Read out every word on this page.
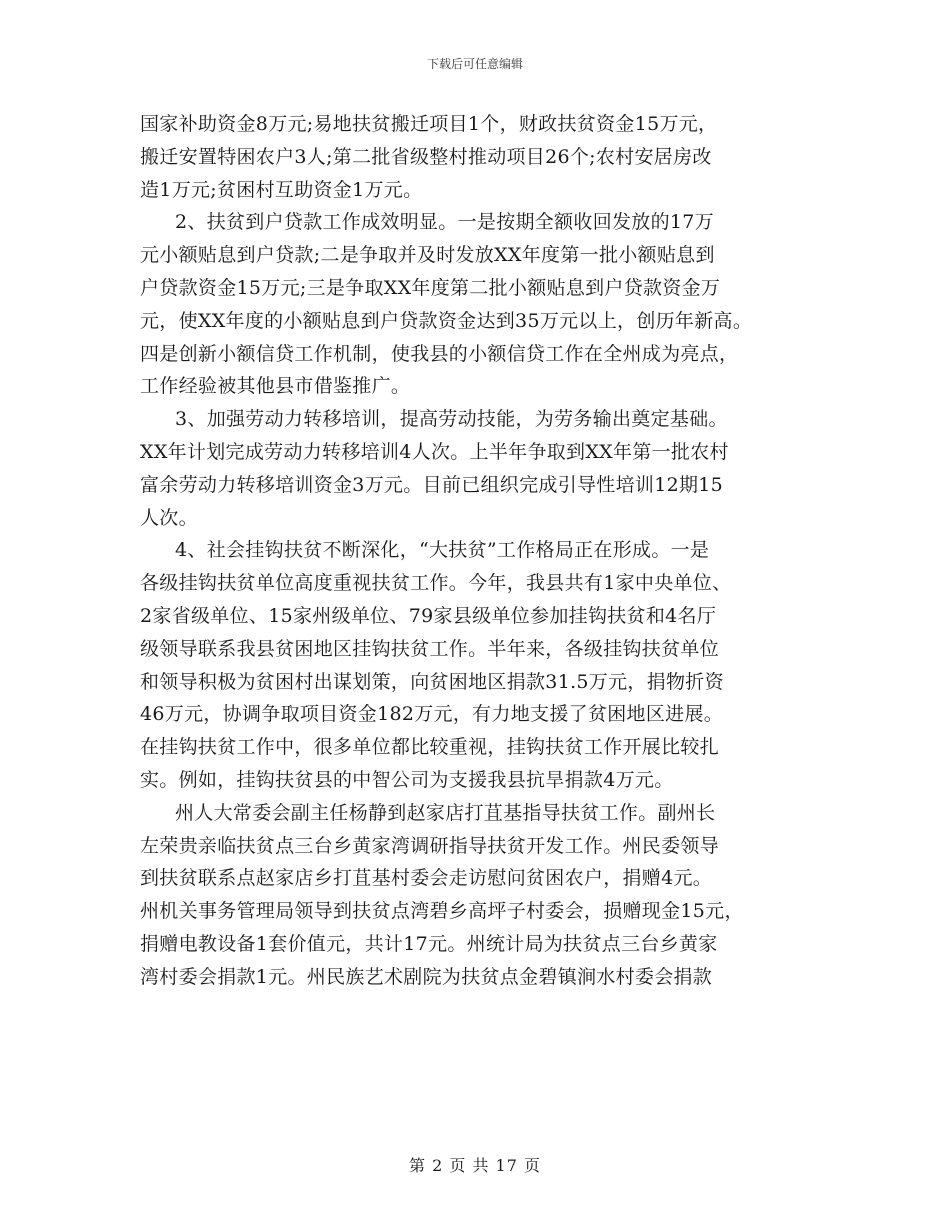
下载后可任意编辑
国家补助资金8万元;易地扶贫搬迁项目1个，财政扶贫资金15万元，
搬迁安置特困农户3人;第二批省级整村推动项目26个;农村安居房改
造1万元;贫困村互助资金1万元。
2、扶贫到户贷款工作成效明显。一是按期全额收回发放的17万
元小额贴息到户贷款;二是争取并及时发放XX年度第一批小额贴息到
户贷款资金15万元;三是争取XX年度第二批小额贴息到户贷款资金万
元，使XX年度的小额贴息到户贷款资金达到35万元以上，创历年新高。
四是创新小额信贷工作机制，使我县的小额信贷工作在全州成为亮点，
工作经验被其他县市借鉴推广。
3、加强劳动力转移培训，提高劳动技能，为劳务输出奠定基础。
XX年计划完成劳动力转移培训4人次。上半年争取到XX年第一批农村
富余劳动力转移培训资金3万元。目前已组织完成引导性培训12期15
人次。
4、社会挂钩扶贫不断深化，“大扶贫”工作格局正在形成。一是
各级挂钩扶贫单位高度重视扶贫工作。今年，我县共有1家中央单位、
2家省级单位、15家州级单位、79家县级单位参加挂钩扶贫和4名厅
级领导联系我县贫困地区挂钩扶贫工作。半年来，各级挂钩扶贫单位
和领导积极为贫困村出谋划策，向贫困地区捐款31.5万元，捐物折资
46万元，协调争取项目资金182万元，有力地支援了贫困地区进展。
在挂钩扶贫工作中，很多单位都比较重视，挂钩扶贫工作开展比较扎
实。例如，挂钩扶贫县的中智公司为支援我县抗旱捐款4万元。
州人大常委会副主任杨静到赵家店打苴基指导扶贫工作。副州长
左荣贵亲临扶贫点三台乡黄家湾调研指导扶贫开发工作。州民委领导
到扶贫联系点赵家店乡打苴基村委会走访慰问贫困农户，捐赠4元。
州机关事务管理局领导到扶贫点湾碧乡高坪子村委会，损赠现金15元，
捐赠电教设备1套价值元，共计17元。州统计局为扶贫点三台乡黄家
湾村委会捐款1元。州民族艺术剧院为扶贫点金碧镇涧水村委会捐款
第 2 页 共 17 页
